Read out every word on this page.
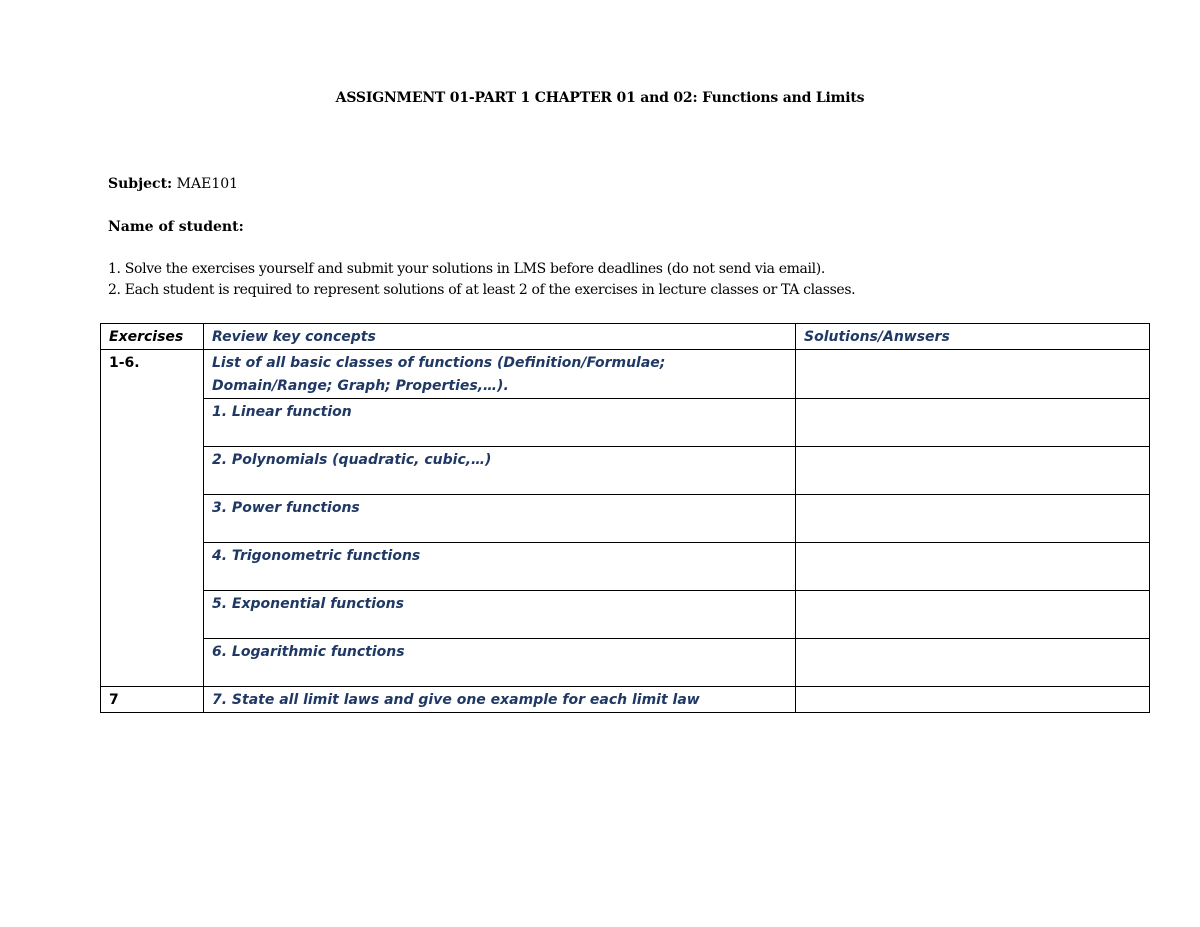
ASSIGNMENT 01-PART 1 CHAPTER 01 and 02: Functions and Limits
Subject: MAE101
Name of student:
1. Solve the exercises yourself and submit your solutions in LMS before deadlines (do not send via email).
2. Each student is required to represent solutions of at least 2 of the exercises in lecture classes or TA classes.
Exercises	Review key concepts	Solutions/Anwsers
1-6.	List of all basic classes of functions (Definition/Formulae; Domain/Range; Graph; Properties,…).	
	1. Linear function	
	2. Polynomials (quadratic, cubic,…)	
	3. Power functions	
	4. Trigonometric functions	
	5. Exponential functions	
	6. Logarithmic functions	
7	7. State all limit laws and give one example for each limit law	
